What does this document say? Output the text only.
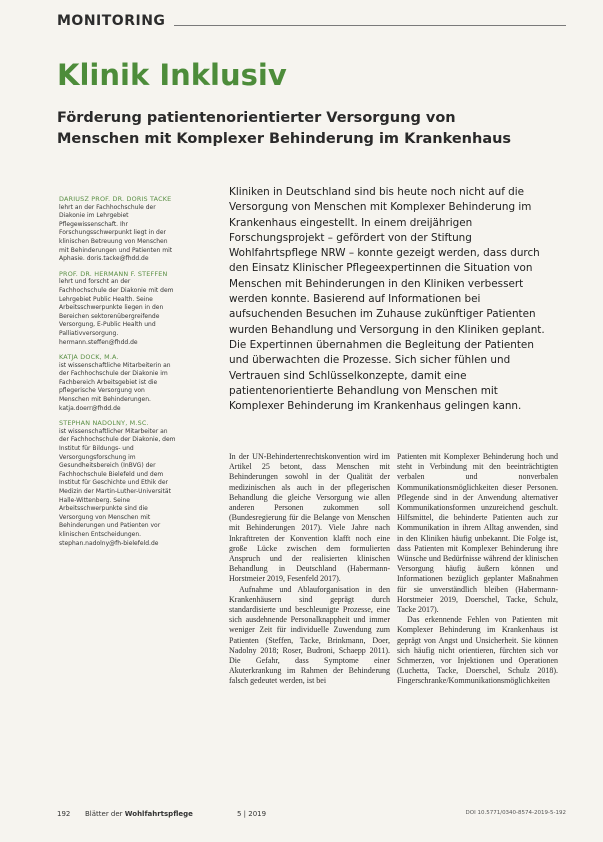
MONITORING
Klinik Inklusiv
Förderung patientenorientierter Versorgung von Menschen mit Komplexer Behinderung im Krankenhaus
DARIUSZ PROF. DR. DORIS TACKE
lehrt an der Fachhochschule der Diakonie im Lehrgebiet Pflegewissenschaft. Ihr Forschungsschwerpunkt liegt in der klinischen Betreuung von Menschen mit Behinderungen und Patienten mit Aphasie. doris.tacke@fhdd.de
PROF. DR. HERMANN F. STEFFEN
lehrt und forscht an der Fachhochschule der Diakonie mit dem Lehrgebiet Public Health. Seine Arbeitsschwerpunkte liegen in den Bereichen sektorenübergreifende Versorgung, E-Public Health und Palliativversorgung. hermann.steffen@fhdd.de
KATJA DOCK, M.A.
ist wissenschaftliche Mitarbeiterin an der Fachhochschule der Diakonie im Fachbereich Arbeitsgebiet ist die pflegerische Versorgung von Menschen mit Behinderungen. katja.doerr@fhdd.de
STEPHAN NADOLNY, M.SC.
ist wissenschaftlicher Mitarbeiter an der Fachhochschule der Diakonie, dem Institut für Bildungs- und Versorgungsforschung im Gesundheitsbereich (InBVG) der Fachhochschule Bielefeld und dem Institut für Geschichte und Ethik der Medizin der Martin-Luther-Universität Halle-Wittenberg. Seine Arbeitsschwerpunkte sind die Versorgung von Menschen mit Behinderungen und Patienten vor klinischen Entscheidungen. stephan.nadolny@fh-bielefeld.de
Kliniken in Deutschland sind bis heute noch nicht auf die Versorgung von Menschen mit Komplexer Behinderung im Krankenhaus eingestellt. In einem dreijährigen Forschungsprojekt – gefördert von der Stiftung Wohlfahrtspflege NRW – konnte gezeigt werden, dass durch den Einsatz Klinischer Pflegeexpertinnen die Situation von Menschen mit Behinderungen in den Kliniken verbessert werden konnte. Basierend auf Informationen bei aufsuchenden Besuchen im Zuhause zukünftiger Patienten wurden Behandlung und Versorgung in den Kliniken geplant. Die Expertinnen übernahmen die Begleitung der Patienten und überwachten die Prozesse. Sich sicher fühlen und Vertrauen sind Schlüsselkonzepte, damit eine patientenorientierte Behandlung von Menschen mit Komplexer Behinderung im Krankenhaus gelingen kann.

In der UN-Behindertenrechtskonvention wird im Artikel 25 betont, dass Menschen mit Behinderungen sowohl in der Qualität der medizinischen als auch in der pflegerischen Behandlung die gleiche Versorgung wie allen anderen Personen zukommen soll (Bundesregierung für die Belange von Menschen mit Behinderungen 2017). Viele Jahre nach Inkrafttreten der Konvention klafft noch eine große Lücke zwischen dem formulierten Anspruch und der realisierten klinischen Behandlung in Deutschland (Habermann-Horstmeier 2019, Fesenfeld 2017).

Aufnahme und Ablauforganisation in den Krankenhäusern sind geprägt durch standardisierte und beschleunigte Prozesse, eine sich ausdehnende Personalknappheit und immer weniger Zeit für individuelle Zuwendung zum Patienten (Steffen, Tacke, Brinkmann, Doer, Nadolny 2018; Roser, Budroni, Schaepp 2011). Die Gefahr, dass Symptome einer Akuterkrankung im Rahmen der Behinderung falsch gedeutet werden, ist bei

Patienten mit Komplexer Behinderung hoch und steht in Verbindung mit den beeinträchtigten verbalen und nonverbalen Kommunikationsmöglichkeiten dieser Personen. Pflegende sind in der Anwendung alternativer Kommunikationsformen unzureichend geschult. Hilfsmittel, die behinderte Patienten auch zur Kommunikation in ihrem Alltag anwenden, sind in den Kliniken häufig unbekannt. Die Folge ist, dass Patienten mit Komplexer Behinderung ihre Wünsche und Bedürfnisse während der klinischen Versorgung häufig äußern können und Informationen bezüglich geplanter Maßnahmen für sie unverständlich bleiben (Habermann-Horstmeier 2019, Doerschel, Tacke, Schulz, Tacke 2017).

Das erkennende Fehlen von Patienten mit Komplexer Behinderung im Krankenhaus ist geprägt von Angst und Unsicherheit. Sie können sich häufig nicht orientieren, fürchten sich vor Schmerzen, vor Injektionen und Operationen (Luchetta, Tacke, Doerschel, Schulz 2018). Fingerschranke/Kommunikationsmöglichkeiten

192 Blätter der Wohlfahrtspflege	5 | 2019	DOI 10.5771/0340-8574-2019-5-192
